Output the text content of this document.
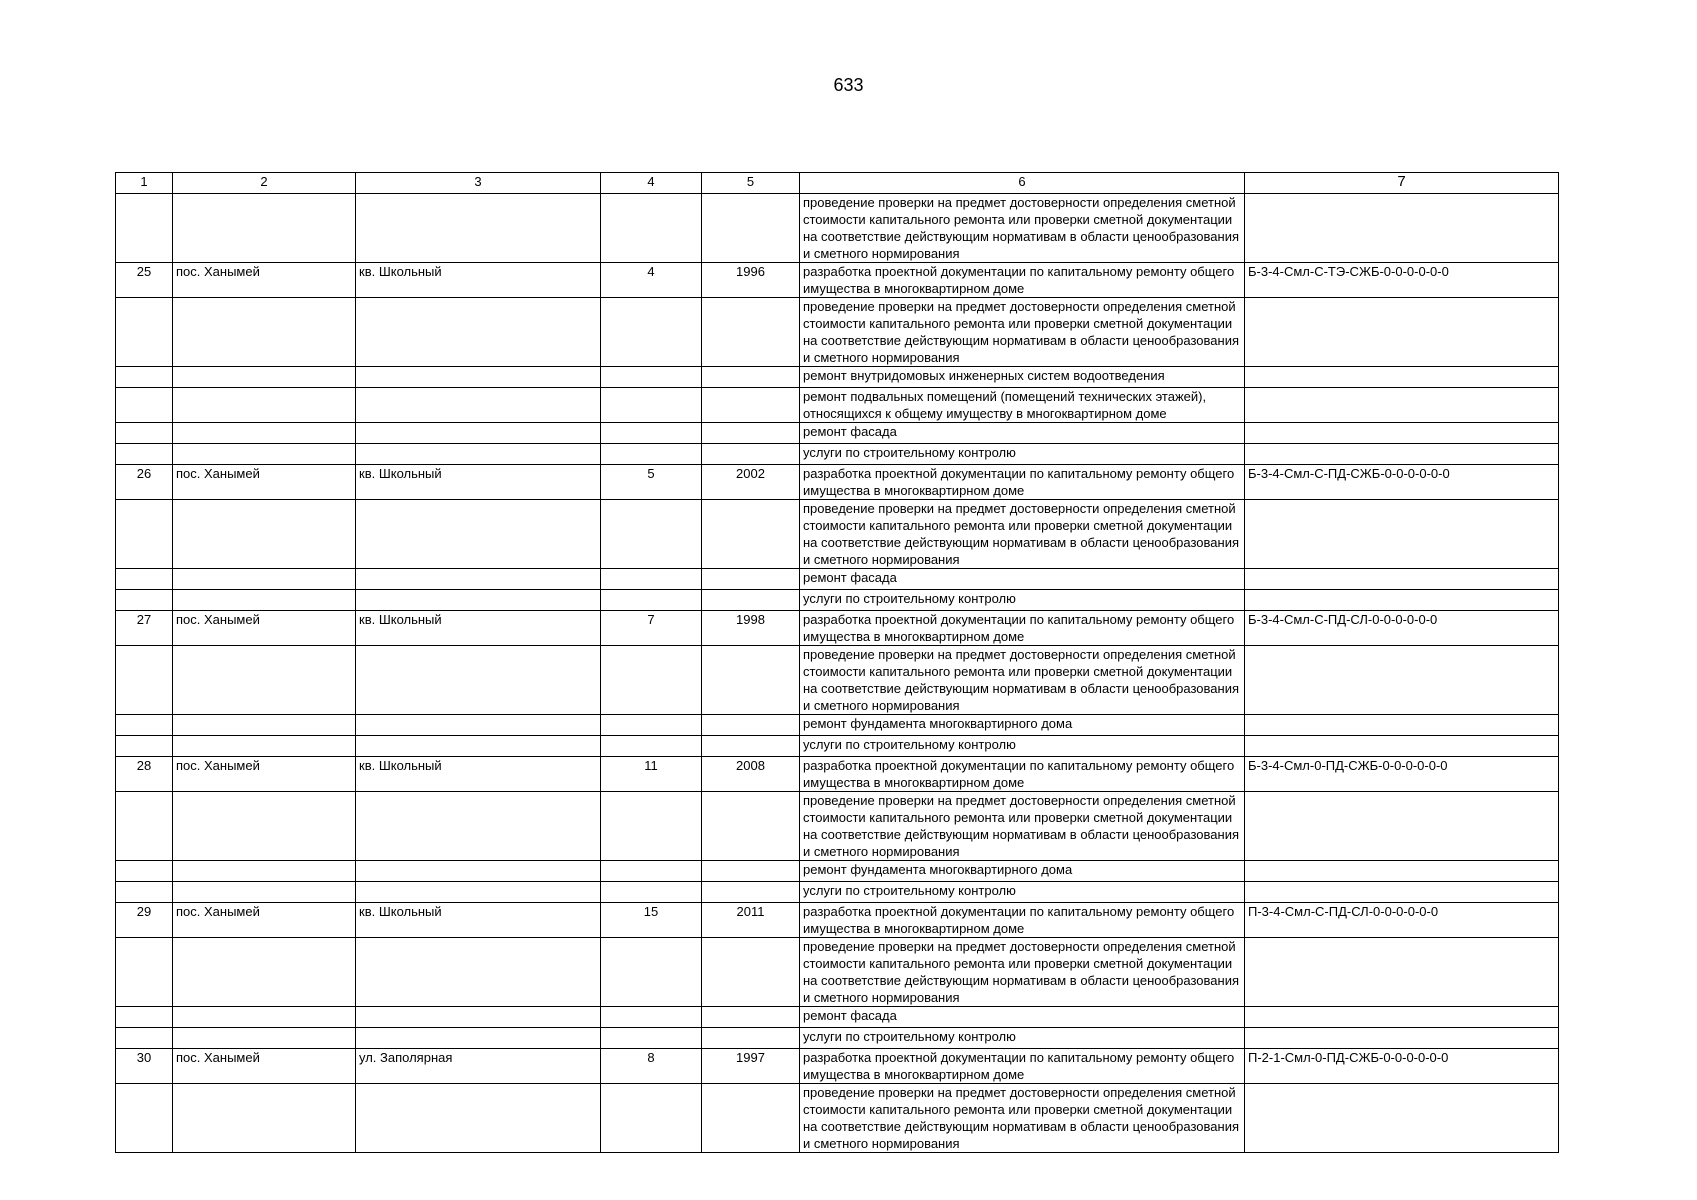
633
1	2	3	4	5	6	7
					проведение проверки на предмет достоверности определения сметной стоимости капитального ремонта или проверки сметной документации на соответствие действующим нормативам в области ценообразования и сметного нормирования	
25	пос. Ханымей	кв. Школьный	4	1996	разработка проектной документации по капитальному ремонту общего имущества в многоквартирном доме	Б-3-4-Смл-С-ТЭ-СЖБ-0-0-0-0-0-0
					проведение проверки на предмет достоверности определения сметной стоимости капитального ремонта или проверки сметной документации на соответствие действующим нормативам в области ценообразования и сметного нормирования	
					ремонт внутридомовых инженерных систем водоотведения	
					ремонт подвальных помещений (помещений технических этажей), относящихся к общему имуществу в многоквартирном доме	
					ремонт фасада	
					услуги по строительному контролю	
26	пос. Ханымей	кв. Школьный	5	2002	разработка проектной документации по капитальному ремонту общего имущества в многоквартирном доме	Б-3-4-Смл-С-ПД-СЖБ-0-0-0-0-0-0
					проведение проверки на предмет достоверности определения сметной стоимости капитального ремонта или проверки сметной документации на соответствие действующим нормативам в области ценообразования и сметного нормирования	
					ремонт фасада	
					услуги по строительному контролю	
27	пос. Ханымей	кв. Школьный	7	1998	разработка проектной документации по капитальному ремонту общего имущества в многоквартирном доме	Б-3-4-Смл-С-ПД-СЛ-0-0-0-0-0-0
					проведение проверки на предмет достоверности определения сметной стоимости капитального ремонта или проверки сметной документации на соответствие действующим нормативам в области ценообразования и сметного нормирования	
					ремонт фундамента многоквартирного дома	
					услуги по строительному контролю	
28	пос. Ханымей	кв. Школьный	11	2008	разработка проектной документации по капитальному ремонту общего имущества в многоквартирном доме	Б-3-4-Смл-0-ПД-СЖБ-0-0-0-0-0-0
					проведение проверки на предмет достоверности определения сметной стоимости капитального ремонта или проверки сметной документации на соответствие действующим нормативам в области ценообразования и сметного нормирования	
					ремонт фундамента многоквартирного дома	
					услуги по строительному контролю	
29	пос. Ханымей	кв. Школьный	15	2011	разработка проектной документации по капитальному ремонту общего имущества в многоквартирном доме	П-3-4-Смл-С-ПД-СЛ-0-0-0-0-0-0
					проведение проверки на предмет достоверности определения сметной стоимости капитального ремонта или проверки сметной документации на соответствие действующим нормативам в области ценообразования и сметного нормирования	
					ремонт фасада	
					услуги по строительному контролю	
30	пос. Ханымей	ул. Заполярная	8	1997	разработка проектной документации по капитальному ремонту общего имущества в многоквартирном доме	П-2-1-Смл-0-ПД-СЖБ-0-0-0-0-0-0
					проведение проверки на предмет достоверности определения сметной стоимости капитального ремонта или проверки сметной документации на соответствие действующим нормативам в области ценообразования и сметного нормирования	
